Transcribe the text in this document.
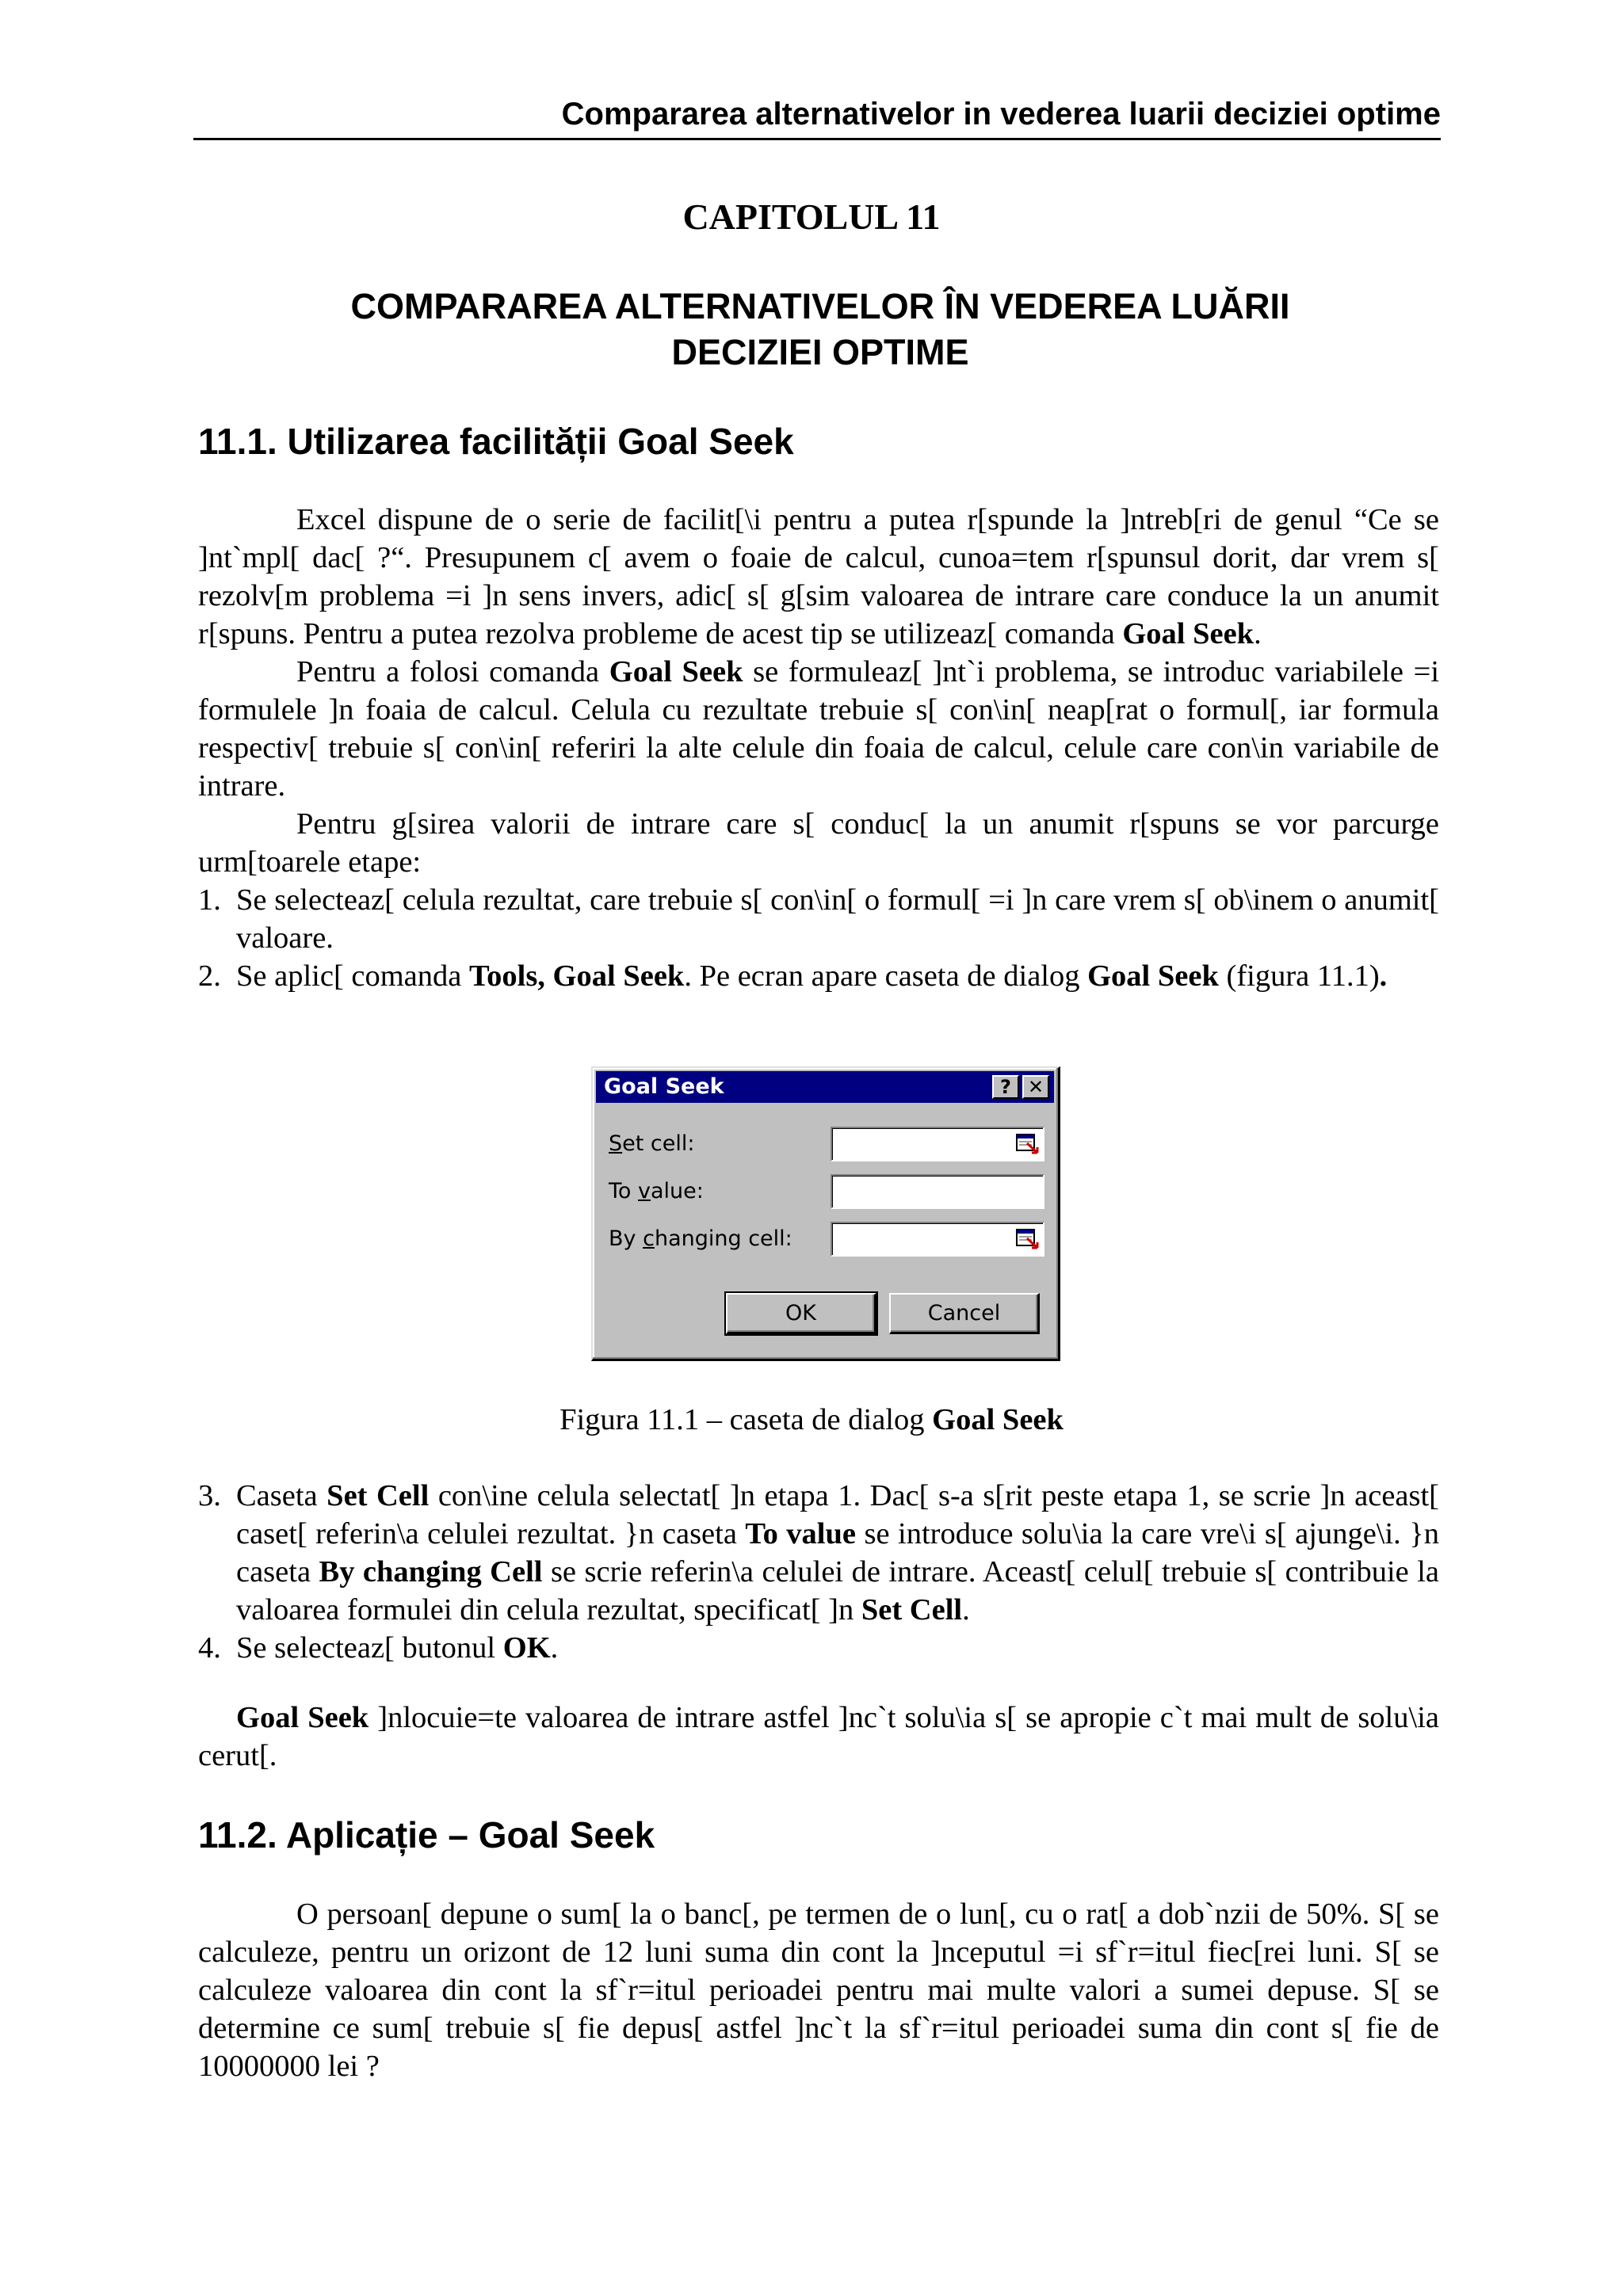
Compararea alternativelor in vederea luarii deciziei optime
CAPITOLUL 11
COMPARAREA ALTERNATIVELOR ÎN VEDEREA LUĂRII
DECIZIEI OPTIME
11.1. Utilizarea facilității Goal Seek

Excel dispune de o serie de facilit[\i pentru a putea r[spunde la ]ntreb[ri de genul “Ce se ]nt`mpl[ dac[ ?“. Presupunem c[ avem o foaie de calcul, cunoa=tem r[spunsul dorit, dar vrem s[ rezolv[m problema =i ]n sens invers, adic[ s[ g[sim valoarea de intrare care conduce la un anumit r[spuns. Pentru a putea rezolva probleme de acest tip se utilizeaz[ comanda Goal Seek.

Pentru a folosi comanda Goal Seek se formuleaz[ ]nt`i problema, se introduc variabilele =i formulele ]n foaia de calcul. Celula cu rezultate trebuie s[ con\in[ neap[rat o formul[, iar formula respectiv[ trebuie s[ con\in[ referiri la alte celule din foaia de calcul, celule care con\in variabile de intrare.

Pentru g[sirea valorii de intrare care s[ conduc[ la un anumit r[spuns se vor parcurge urm[toarele etape:

1. Se selecteaz[ celula rezultat, care trebuie s[ con\in[ o formul[ =i ]n care vrem s[ ob\inem o anumit[ valoare.
2. Se aplic[ comanda Tools, Goal Seek. Pe ecran apare caseta de dialog Goal Seek (figura 11.1).
Goal Seek	? ✕
Set cell:
To value:
By changing cell:
OK	Cancel
Figura 11.1 – caseta de dialog Goal Seek
3. Caseta Set Cell con\ine celula selectat[ ]n etapa 1. Dac[ s-a s[rit peste etapa 1, se scrie ]n aceast[ caset[ referin\a celulei rezultat. }n caseta To value se introduce solu\ia la care vre\i s[ ajunge\i. }n caseta By changing Cell se scrie referin\a celulei de intrare. Aceast[ celul[ trebuie s[ contribuie la valoarea formulei din celula rezultat, specificat[ ]n Set Cell.
4. Se selecteaz[ butonul OK.

Goal Seek ]nlocuie=te valoarea de intrare astfel ]nc`t solu\ia s[ se apropie c`t mai mult de solu\ia cerut[.

11.2. Aplicație – Goal Seek

O persoan[ depune o sum[ la o banc[, pe termen de o lun[, cu o rat[ a dob`nzii de 50%. S[ se calculeze, pentru un orizont de 12 luni suma din cont la ]nceputul =i sf`r=itul fiec[rei luni. S[ se calculeze valoarea din cont la sf`r=itul perioadei pentru mai multe valori a sumei depuse. S[ se determine ce sum[ trebuie s[ fie depus[ astfel ]nc`t la sf`r=itul perioadei suma din cont s[ fie de 10000000 lei ?
